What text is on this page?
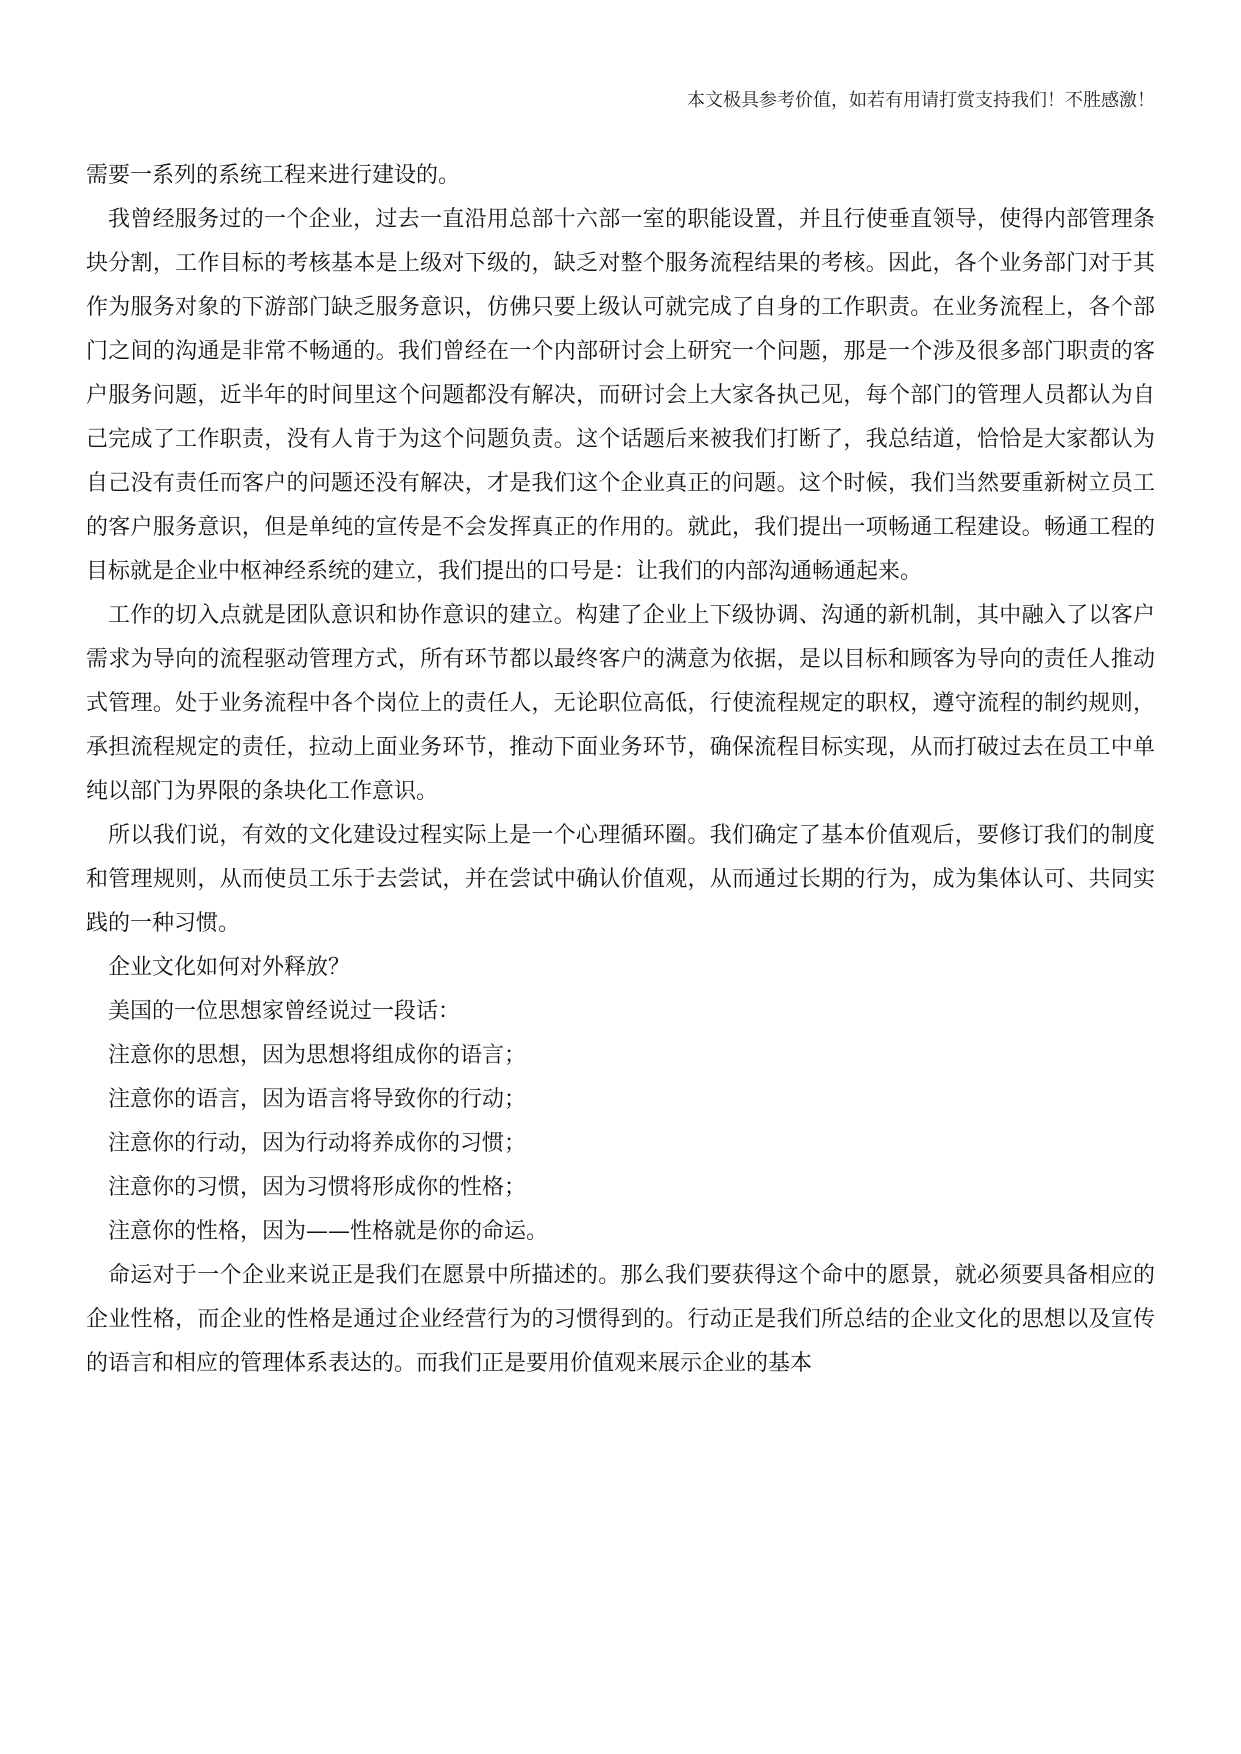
本文极具参考价值，如若有用请打赏支持我们！不胜感激！

需要一系列的系统工程来进行建设的。

我曾经服务过的一个企业，过去一直沿用总部十六部一室的职能设置，并且行使垂直领导，使得内部管理条块分割，工作目标的考核基本是上级对下级的，缺乏对整个服务流程结果的考核。因此，各个业务部门对于其作为服务对象的下游部门缺乏服务意识，仿佛只要上级认可就完成了自身的工作职责。在业务流程上，各个部门之间的沟通是非常不畅通的。我们曾经在一个内部研讨会上研究一个问题，那是一个涉及很多部门职责的客户服务问题，近半年的时间里这个问题都没有解决，而研讨会上大家各执己见，每个部门的管理人员都认为自己完成了工作职责，没有人肯于为这个问题负责。这个话题后来被我们打断了，我总结道，恰恰是大家都认为自己没有责任而客户的问题还没有解决，才是我们这个企业真正的问题。这个时候，我们当然要重新树立员工的客户服务意识，但是单纯的宣传是不会发挥真正的作用的。就此，我们提出一项畅通工程建设。畅通工程的目标就是企业中枢神经系统的建立，我们提出的口号是：让我们的内部沟通畅通起来。

工作的切入点就是团队意识和协作意识的建立。构建了企业上下级协调、沟通的新机制，其中融入了以客户需求为导向的流程驱动管理方式，所有环节都以最终客户的满意为依据，是以目标和顾客为导向的责任人推动式管理。处于业务流程中各个岗位上的责任人，无论职位高低，行使流程规定的职权，遵守流程的制约规则，承担流程规定的责任，拉动上面业务环节，推动下面业务环节，确保流程目标实现，从而打破过去在员工中单纯以部门为界限的条块化工作意识。

所以我们说，有效的文化建设过程实际上是一个心理循环圈。我们确定了基本价值观后，要修订我们的制度和管理规则，从而使员工乐于去尝试，并在尝试中确认价值观，从而通过长期的行为，成为集体认可、共同实践的一种习惯。

企业文化如何对外释放？

美国的一位思想家曾经说过一段话：

注意你的思想，因为思想将组成你的语言；

注意你的语言，因为语言将导致你的行动；

注意你的行动，因为行动将养成你的习惯；

注意你的习惯，因为习惯将形成你的性格；

注意你的性格，因为——性格就是你的命运。

命运对于一个企业来说正是我们在愿景中所描述的。那么我们要获得这个命中的愿景，就必须要具备相应的企业性格，而企业的性格是通过企业经营行为的习惯得到的。行动正是我们所总结的企业文化的思想以及宣传的语言和相应的管理体系表达的。而我们正是要用价值观来展示企业的基本
